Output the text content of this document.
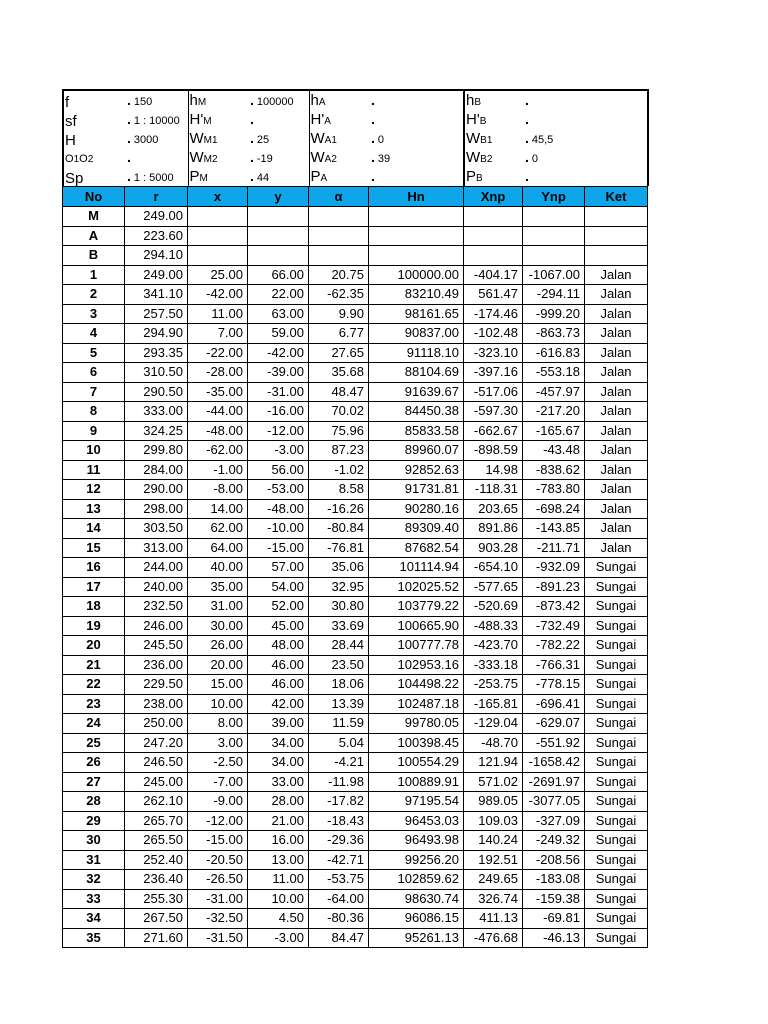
f	. 150	hM	. 100000	hA	.	hB	.
sf	. 1 : 10000	H'M	.	H'A	.	H'B	.
H	. 3000	WM1	. 25	WA1	. 0	WB1	. 45,5
O1O2	.	WM2	. -19	WA2	. 39	WB2	. 0
Sp	. 1 : 5000	PM	. 44	PA	.	PB	.
No	r	x	y	α	Hn	Xnp	Ynp	Ket
M	249.00							
A	223.60							
B	294.10							
1	249.00	25.00	66.00	20.75	100000.00	-404.17	-1067.00	Jalan
2	341.10	-42.00	22.00	-62.35	83210.49	561.47	-294.11	Jalan
3	257.50	11.00	63.00	9.90	98161.65	-174.46	-999.20	Jalan
4	294.90	7.00	59.00	6.77	90837.00	-102.48	-863.73	Jalan
5	293.35	-22.00	-42.00	27.65	91118.10	-323.10	-616.83	Jalan
6	310.50	-28.00	-39.00	35.68	88104.69	-397.16	-553.18	Jalan
7	290.50	-35.00	-31.00	48.47	91639.67	-517.06	-457.97	Jalan
8	333.00	-44.00	-16.00	70.02	84450.38	-597.30	-217.20	Jalan
9	324.25	-48.00	-12.00	75.96	85833.58	-662.67	-165.67	Jalan
10	299.80	-62.00	-3.00	87.23	89960.07	-898.59	-43.48	Jalan
11	284.00	-1.00	56.00	-1.02	92852.63	14.98	-838.62	Jalan
12	290.00	-8.00	-53.00	8.58	91731.81	-118.31	-783.80	Jalan
13	298.00	14.00	-48.00	-16.26	90280.16	203.65	-698.24	Jalan
14	303.50	62.00	-10.00	-80.84	89309.40	891.86	-143.85	Jalan
15	313.00	64.00	-15.00	-76.81	87682.54	903.28	-211.71	Jalan
16	244.00	40.00	57.00	35.06	101114.94	-654.10	-932.09	Sungai
17	240.00	35.00	54.00	32.95	102025.52	-577.65	-891.23	Sungai
18	232.50	31.00	52.00	30.80	103779.22	-520.69	-873.42	Sungai
19	246.00	30.00	45.00	33.69	100665.90	-488.33	-732.49	Sungai
20	245.50	26.00	48.00	28.44	100777.78	-423.70	-782.22	Sungai
21	236.00	20.00	46.00	23.50	102953.16	-333.18	-766.31	Sungai
22	229.50	15.00	46.00	18.06	104498.22	-253.75	-778.15	Sungai
23	238.00	10.00	42.00	13.39	102487.18	-165.81	-696.41	Sungai
24	250.00	8.00	39.00	11.59	99780.05	-129.04	-629.07	Sungai
25	247.20	3.00	34.00	5.04	100398.45	-48.70	-551.92	Sungai
26	246.50	-2.50	34.00	-4.21	100554.29	121.94	-1658.42	Sungai
27	245.00	-7.00	33.00	-11.98	100889.91	571.02	-2691.97	Sungai
28	262.10	-9.00	28.00	-17.82	97195.54	989.05	-3077.05	Sungai
29	265.70	-12.00	21.00	-18.43	96453.03	109.03	-327.09	Sungai
30	265.50	-15.00	16.00	-29.36	96493.98	140.24	-249.32	Sungai
31	252.40	-20.50	13.00	-42.71	99256.20	192.51	-208.56	Sungai
32	236.40	-26.50	11.00	-53.75	102859.62	249.65	-183.08	Sungai
33	255.30	-31.00	10.00	-64.00	98630.74	326.74	-159.38	Sungai
34	267.50	-32.50	4.50	-80.36	96086.15	411.13	-69.81	Sungai
35	271.60	-31.50	-3.00	84.47	95261.13	-476.68	-46.13	Sungai
